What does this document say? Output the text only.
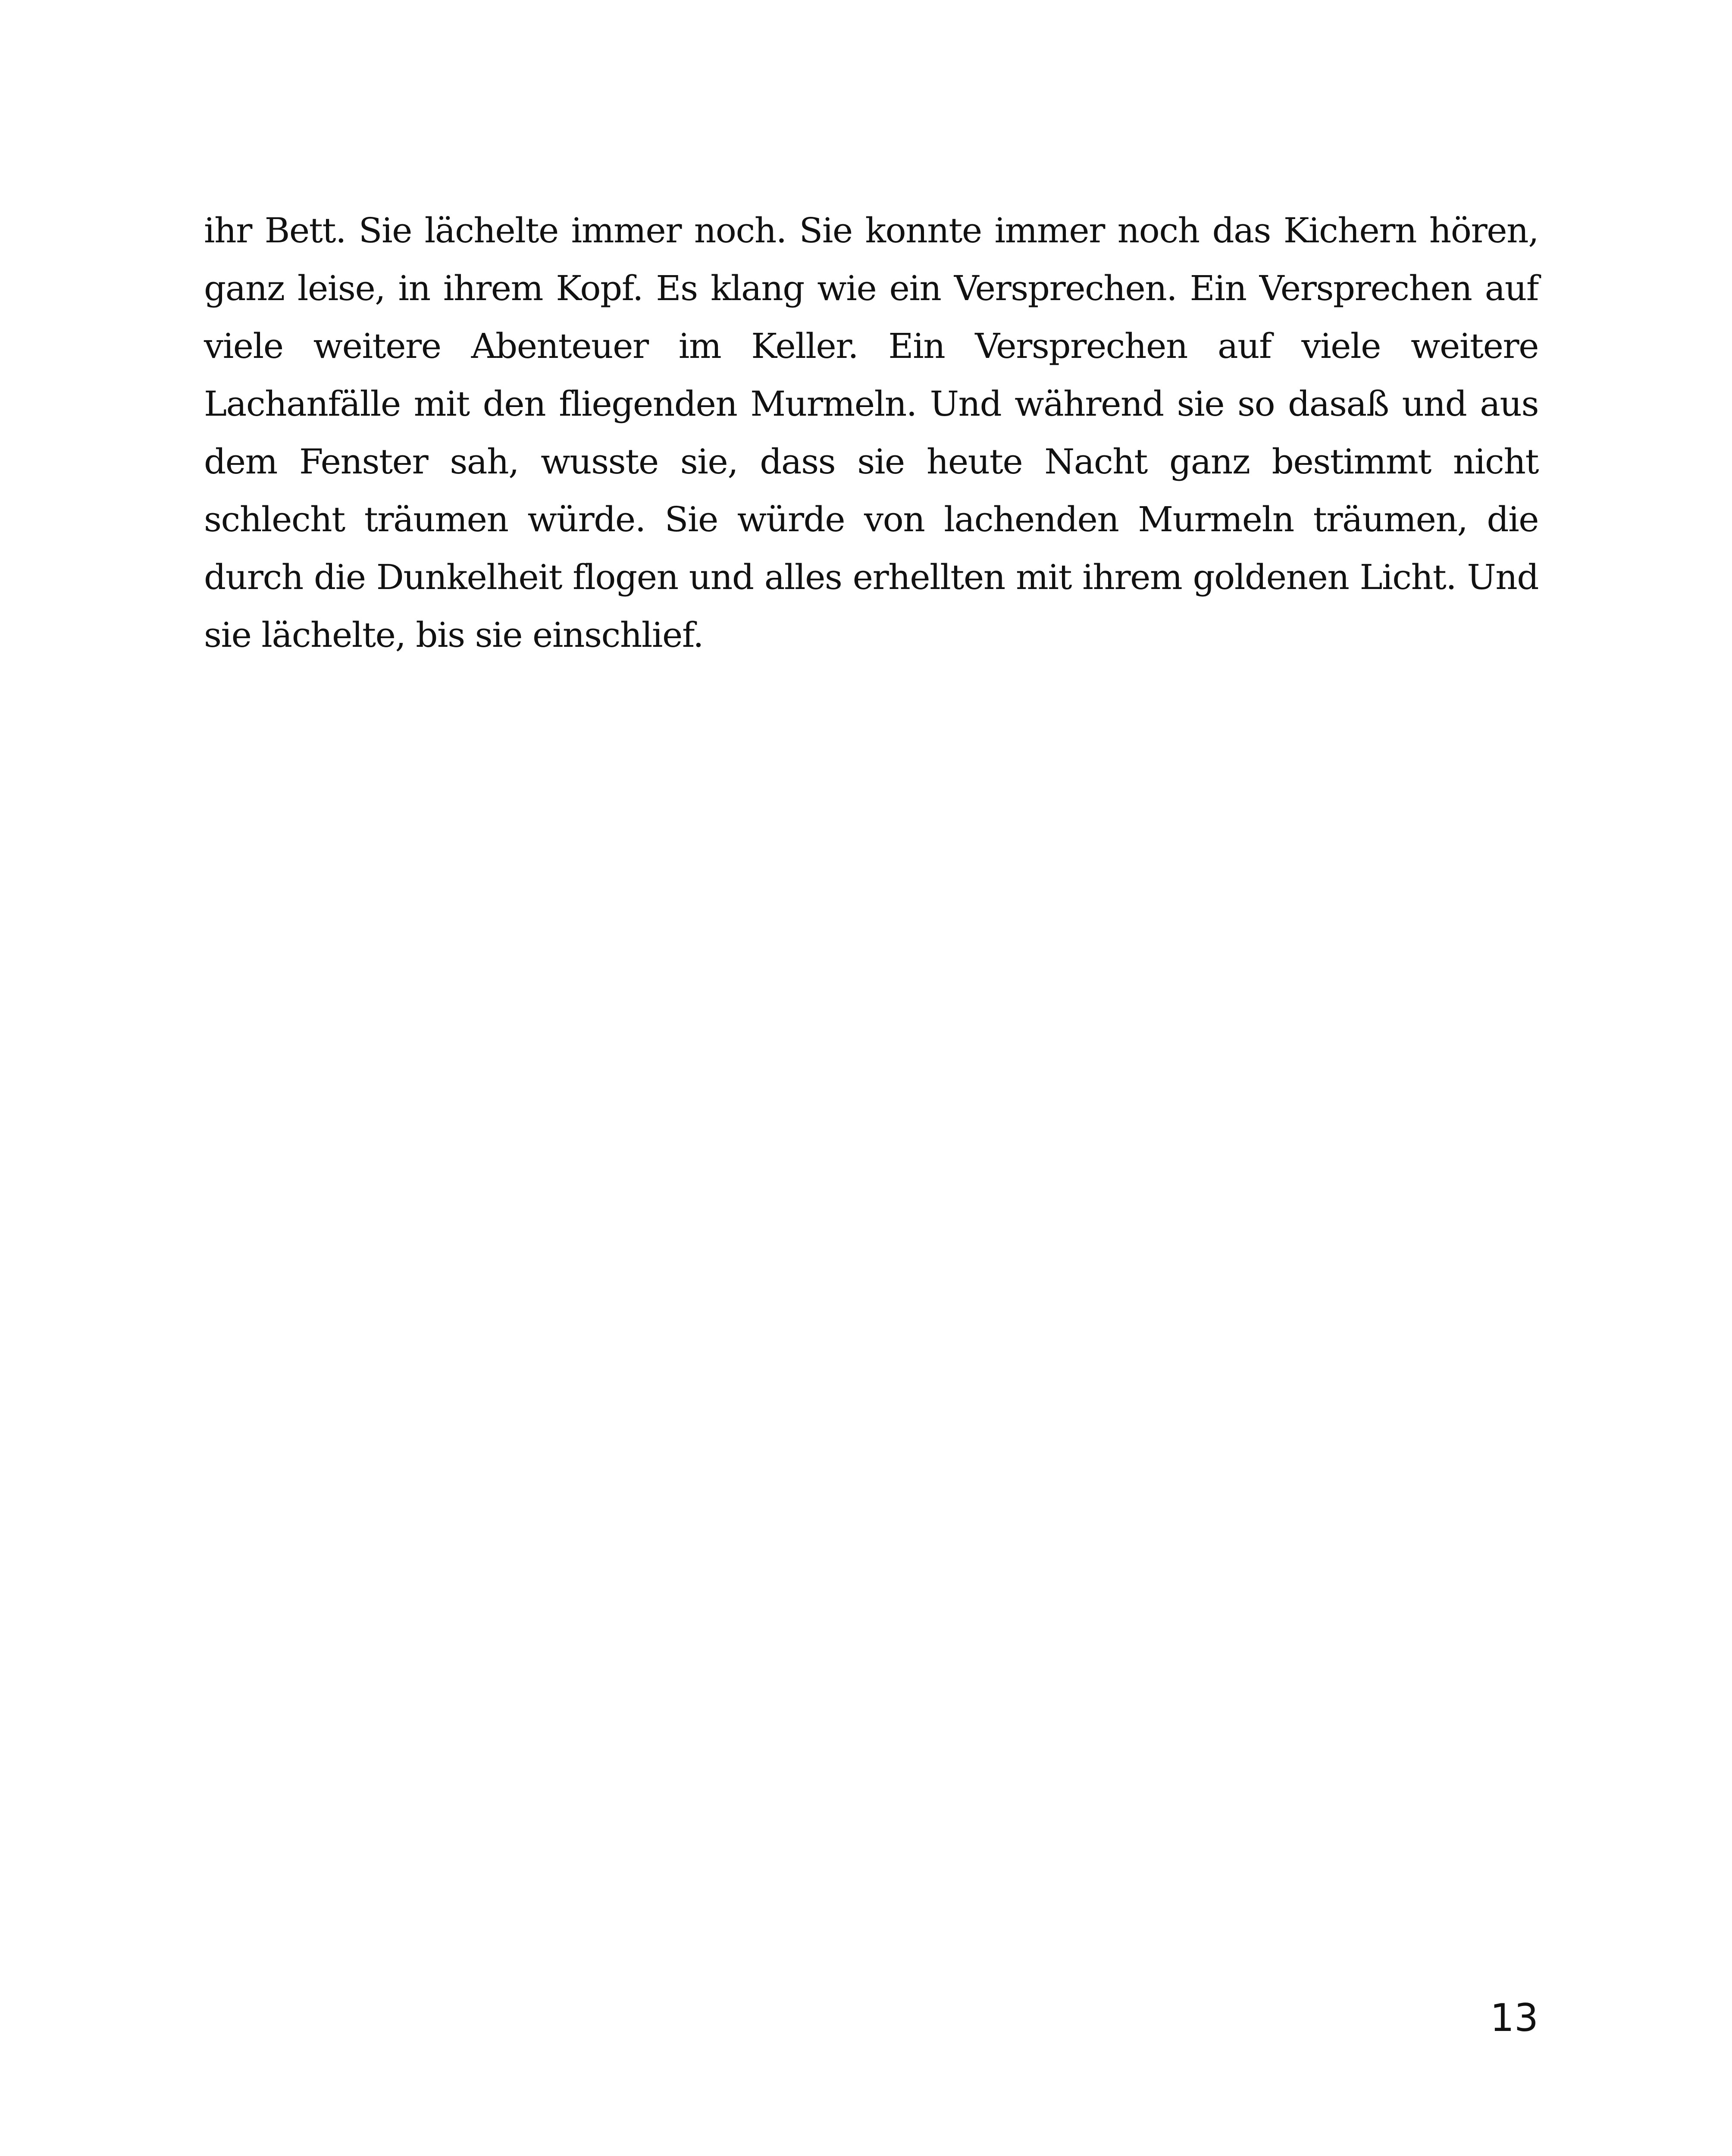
ihr Bett. Sie lächelte immer noch. Sie konnte immer noch das Kichern hören, ganz leise, in ihrem Kopf. Es klang wie ein Versprechen. Ein Versprechen auf viele weitere Abenteuer im Keller. Ein Versprechen auf viele weitere Lachanfälle mit den fliegenden Murmeln. Und während sie so dasaß und aus dem Fenster sah, wusste sie, dass sie heute Nacht ganz bestimmt nicht schlecht träumen würde. Sie würde von lachenden Murmeln träumen, die durch die Dunkelheit flogen und alles erhellten mit ihrem goldenen Licht. Und sie lächelte, bis sie einschlief.

13
